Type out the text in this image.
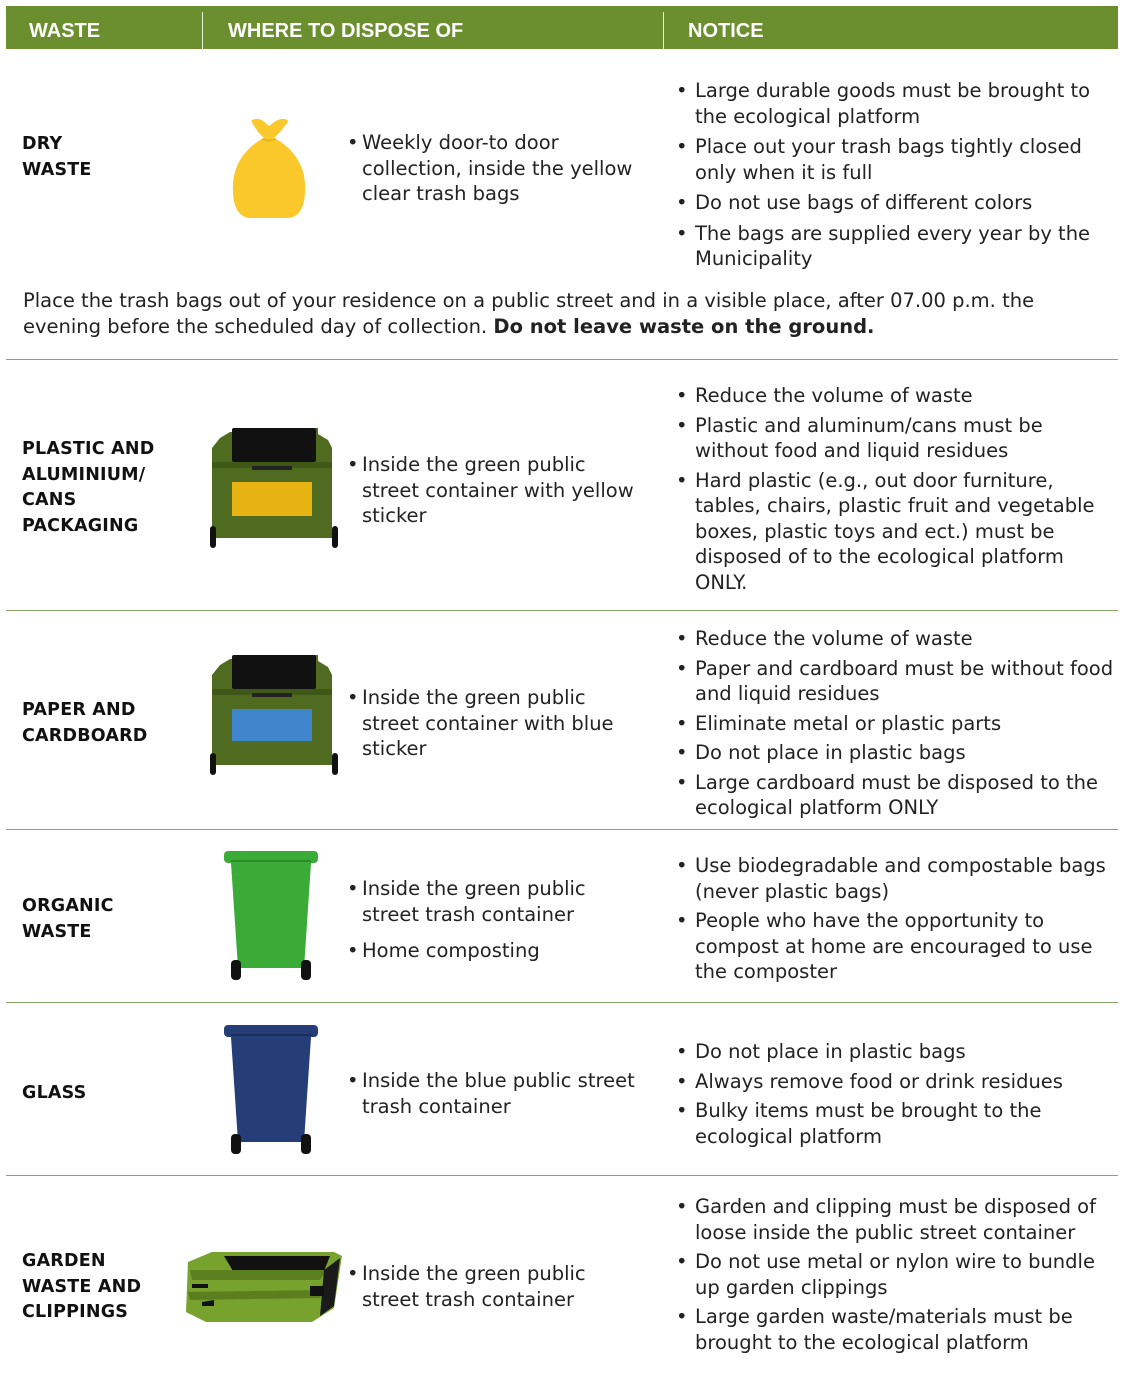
WASTE	WHERE TO DISPOSE OF	NOTICE
DRY
WASTE
• Weekly door-to door collection, inside the yellow clear trash bags
• Large durable goods must be brought to the ecological platform
• Place out your trash bags tightly closed only when it is full
• Do not use bags of different colors
• The bags are supplied every year by the Municipality
Place the trash bags out of your residence on a public street and in a visible place, after 07.00 p.m. the evening before the scheduled day of collection. Do not leave waste on the ground.
PLASTIC AND
ALUMINIUM/
CANS
PACKAGING
• Inside the green public street container with yellow sticker
• Reduce the volume of waste
• Plastic and aluminum/cans must be without food and liquid residues
• Hard plastic (e.g., out door furniture, tables, chairs, plastic fruit and vegetable boxes, plastic toys and ect.) must be disposed of to the ecological platform ONLY.
PAPER AND
CARDBOARD
• Inside the green public street container with blue sticker
• Reduce the volume of waste
• Paper and cardboard must be without food and liquid residues
• Eliminate metal or plastic parts
• Do not place in plastic bags
• Large cardboard must be disposed to the ecological platform ONLY
ORGANIC
WASTE
• Inside the green public street trash container
• Home composting
• Use biodegradable and compostable bags (never plastic bags)
• People who have the opportunity to compost at home are encouraged to use the composter
GLASS
• Inside the blue public street trash container
• Do not place in plastic bags
• Always remove food or drink residues
• Bulky items must be brought to the ecological platform
GARDEN
WASTE AND
CLIPPINGS
• Inside the green public street trash container
• Garden and clipping must be disposed of loose inside the public street container
• Do not use metal or nylon wire to bundle up garden clippings
• Large garden waste/materials must be brought to the ecological platform
